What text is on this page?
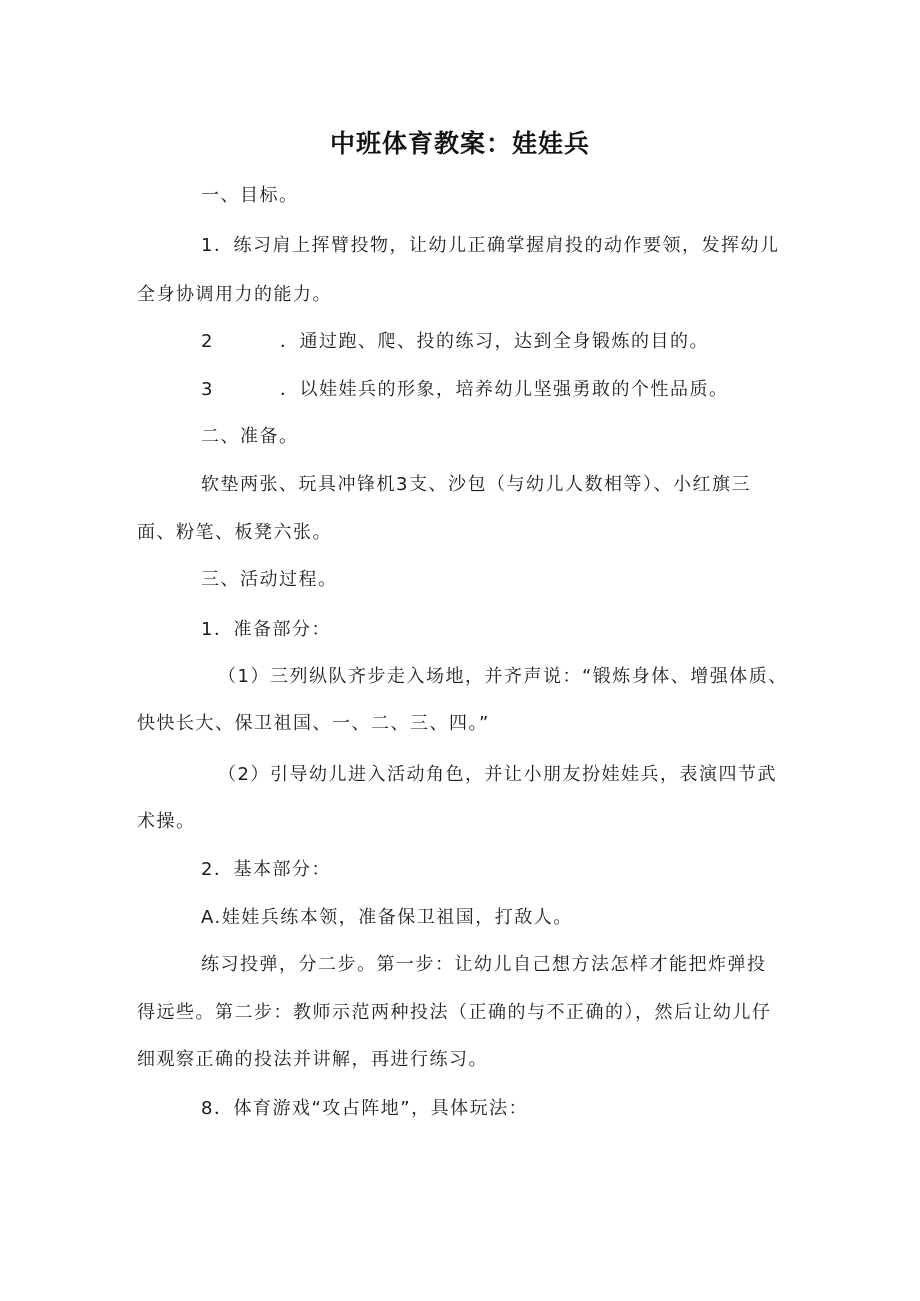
中班体育教案：娃娃兵
一、目标。
1．练习肩上挥臂投物，让幼儿正确掌握肩投的动作要领，发挥幼儿
全身协调用力的能力。
2	．通过跑、爬、投的练习，达到全身锻炼的目的。
3	．以娃娃兵的形象，培养幼儿坚强勇敢的个性品质。
二、准备。
软垫两张、玩具冲锋机3支、沙包（与幼儿人数相等）、小红旗三
面、粉笔、板凳六张。
三、活动过程。
1．准备部分：
（1）三列纵队齐步走入场地，并齐声说：“锻炼身体、增强体质、
快快长大、保卫祖国、一、二、三、四。”
（2）引导幼儿进入活动角色，并让小朋友扮娃娃兵，表演四节武
术操。
2．基本部分：
A.娃娃兵练本领，准备保卫祖国，打敌人。
练习投弹，分二步。第一步：让幼儿自己想方法怎样才能把炸弹投
得远些。第二步：教师示范两种投法（正确的与不正确的），然后让幼儿仔
细观察正确的投法并讲解，再进行练习。
8．体育游戏“攻占阵地”，具体玩法：
